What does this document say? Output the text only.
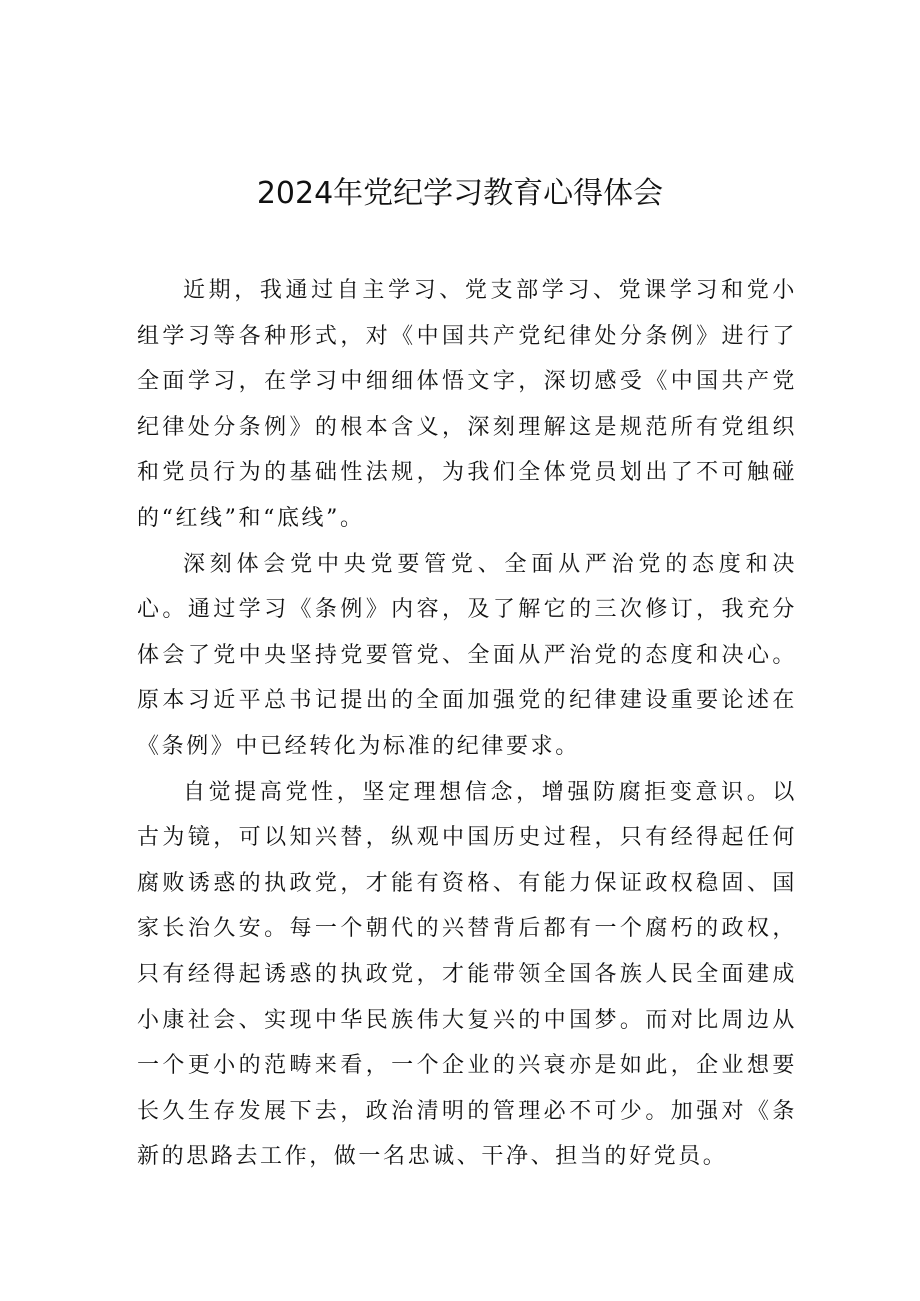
2024年党纪学习教育心得体会

近期，我通过自主学习、党支部学习、党课学习和党小组学习等各种形式，对《中国共产党纪律处分条例》进行了全面学习，在学习中细细体悟文字，深切感受《中国共产党纪律处分条例》的根本含义，深刻理解这是规范所有党组织和党员行为的基础性法规，为我们全体党员划出了不可触碰的“红线”和“底线”。

深刻体会党中央党要管党、全面从严治党的态度和决心。通过学习《条例》内容，及了解它的三次修订，我充分体会了党中央坚持党要管党、全面从严治党的态度和决心。原本习近平总书记提出的全面加强党的纪律建设重要论述在《条例》中已经转化为标准的纪律要求。

自觉提高党性，坚定理想信念，增强防腐拒变意识。以古为镜，可以知兴替，纵观中国历史过程，只有经得起任何腐败诱惑的执政党，才能有资格、有能力保证政权稳固、国家长治久安。每一个朝代的兴替背后都有一个腐朽的政权，只有经得起诱惑的执政党，才能带领全国各族人民全面建成小康社会、实现中华民族伟大复兴的中国梦。而对比周边从一个更小的范畴来看，一个企业的兴衰亦是如此，企业想要长久生存发展下去，政治清明的管理必不可少。加强对《条新的思路去工作，做一名忠诚、干净、担当的好党员。
